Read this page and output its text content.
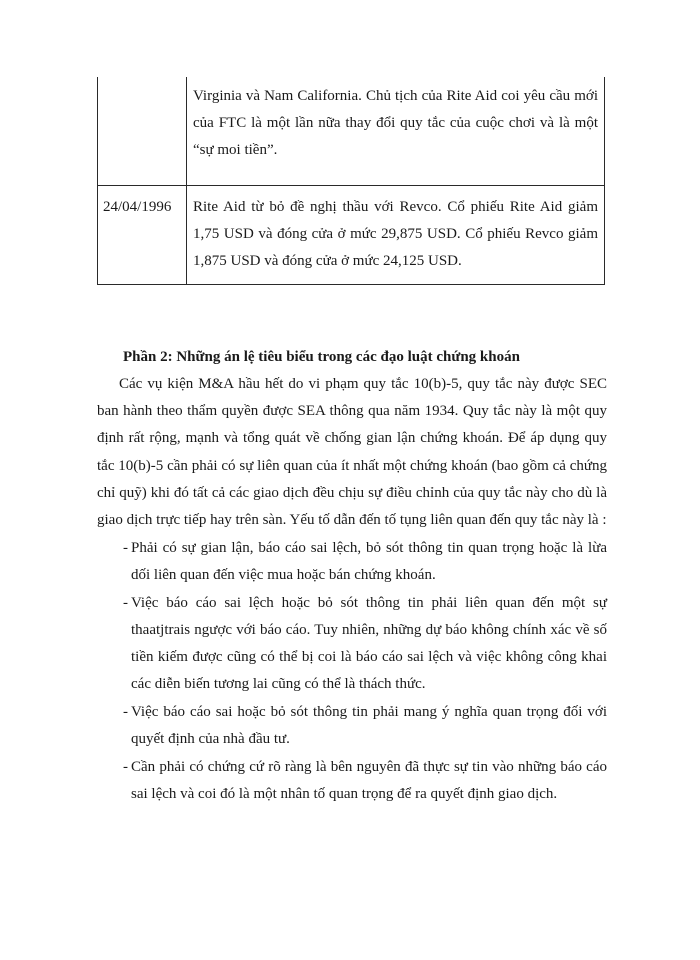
	Virginia và Nam California. Chủ tịch của Rite Aid coi yêu cầu mới của FTC là một lần nữa thay đổi quy tắc của cuộc chơi và là một “sự moi tiền”.
24/04/1996	Rite Aid từ bỏ đề nghị thầu với Revco. Cổ phiếu Rite Aid giảm 1,75 USD và đóng cửa ở mức 29,875 USD. Cổ phiếu Revco giảm 1,875 USD và đóng cửa ở mức 24,125 USD.
Phần 2: Những án lệ tiêu biểu trong các đạo luật chứng khoán

Các vụ kiện M&A hầu hết do vi phạm quy tắc 10(b)-5, quy tắc này được SEC ban hành theo thẩm quyền được SEA thông qua năm 1934. Quy tắc này là một quy định rất rộng, mạnh và tổng quát về chống gian lận chứng khoán. Để áp dụng quy tắc 10(b)-5 cần phải có sự liên quan của ít nhất một chứng khoán (bao gồm cả chứng chỉ quỹ) khi đó tất cả các giao dịch đều chịu sự điều chỉnh của quy tắc này cho dù là giao dịch trực tiếp hay trên sàn. Yếu tố dẫn đến tố tụng liên quan đến quy tắc này là :

- Phải có sự gian lận, báo cáo sai lệch, bỏ sót thông tin quan trọng hoặc là lừa dối liên quan đến việc mua hoặc bán chứng khoán.
- Việc báo cáo sai lệch hoặc bỏ sót thông tin phải liên quan đến một sự thaatjtrais ngược với báo cáo. Tuy nhiên, những dự báo không chính xác về số tiền kiếm được cũng có thể bị coi là báo cáo sai lệch và việc không công khai các diễn biến tương lai cũng có thể là thách thức.
- Việc báo cáo sai hoặc bỏ sót thông tin phải mang ý nghĩa quan trọng đối với quyết định của nhà đầu tư.
- Cần phải có chứng cứ rõ ràng là bên nguyên đã thực sự tin vào những báo cáo sai lệch và coi đó là một nhân tố quan trọng để ra quyết định giao dịch.
